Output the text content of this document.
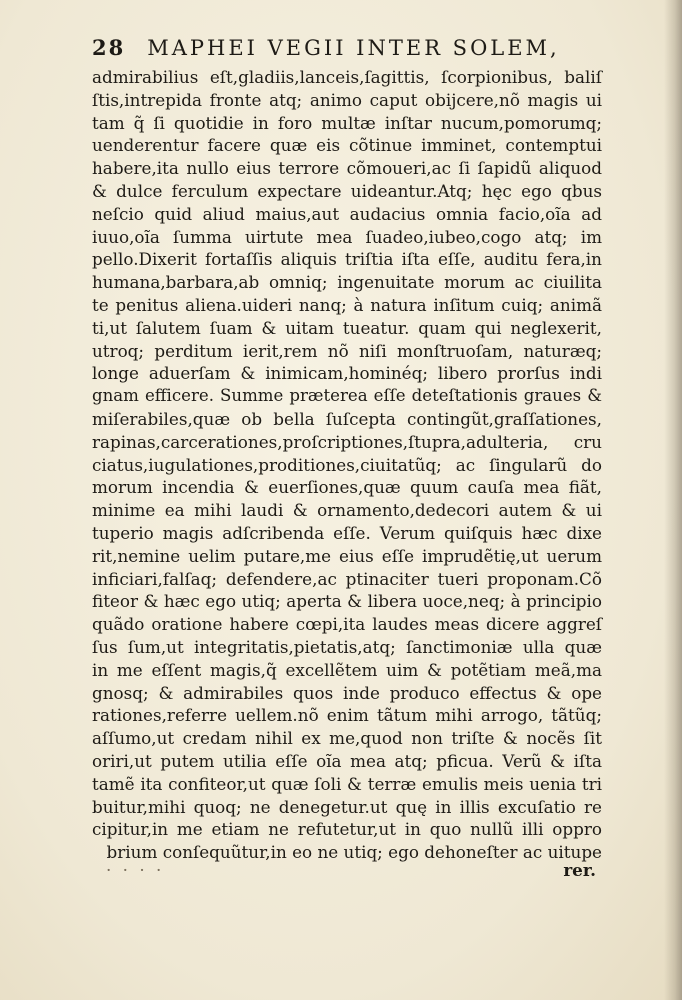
28 MAPHEI VEGII INTER SOLEM,
admirabilius eſt,gladiis,lanceis,ſagittis, ſcorpionibus, baliſ
ſtis,intrepida fronte atq; animo caput obijcere,nõ magis ui
tam q̃ ſi quotidie in foro multæ inſtar nucum,pomorumq;
uenderentur facere quæ eis cõtinue imminet, contemptui
habere,ita nullo eius terrore cõmoueri,ac ſi ſapidũ aliquod
& dulce ferculum expectare uideantur.Atq; hęc ego qbus
neſcio quid aliud maius,aut audacius omnia facio,oĩa ad
iuuo,oĩa ſumma uirtute mea ſuadeo,iubeo,cogo atq; im
pello.Dixerit fortaſſis aliquis triſtia iſta eſſe, auditu fera,in
humana,barbara,ab omniq; ingenuitate morum ac ciuilita
te penitus aliena.uideri nanq; à natura inſitum cuiq; animã
ti,ut ſalutem ſuam & uitam tueatur. quam qui neglexerit,
utroq; perditum ierit,rem nõ niſi monſtruoſam, naturæq;
longe aduerſam & inimicam,hominéq; libero prorſus indi
gnam efficere. Summe præterea eſſe deteſtationis graues &
miſerabiles,quæ ob bella ſuſcepta contingũt,graſſationes,
rapinas,carcerationes,proſcriptiones,ſtupra,adulteria, cru
ciatus,iugulationes,proditiones,ciuitatũq; ac ſingularũ do
morum incendia & euerſiones,quæ quum cauſa mea fiãt,
minime ea mihi laudi & ornamento,dedecori autem & ui
tuperio magis adſcribenda eſſe. Verum quiſquis hæc dixe
rit,nemine uelim putare,me eius eſſe imprudẽtię,ut uerum
inficiari,falſaq; defendere,ac ptinaciter tueri proponam.Cõ
fiteor & hæc ego utiq; aperta & libera uoce,neq; à principio
quãdo oratione habere cœpi,ita laudes meas dicere aggreſ
ſus ſum,ut integritatis,pietatis,atq; ſanctimoniæ ulla quæ
in me eſſent magis,q̃ excellẽtem uim & potẽtiam meã,ma
gnosq; & admirabiles quos inde produco effectus & ope
rationes,referre uellem.nõ enim tãtum mihi arrogo, tãtũq;
aſſumo,ut credam nihil ex me,quod non triſte & nocẽs ſit
oriri,ut putem utilia eſſe oĩa mea atq; pficua. Verũ & iſta
tamẽ ita confiteor,ut quæ ſoli & terræ emulis meis uenia tri
buitur,mihi quoq; ne denegetur.ut quę in illis excuſatio re
cipitur,in me etiam ne refutetur,ut in quo nullũ illi oppro
brium conſequũtur,in eo ne utiq; ego dehoneſter ac uitupe
· · · ·	rer.
